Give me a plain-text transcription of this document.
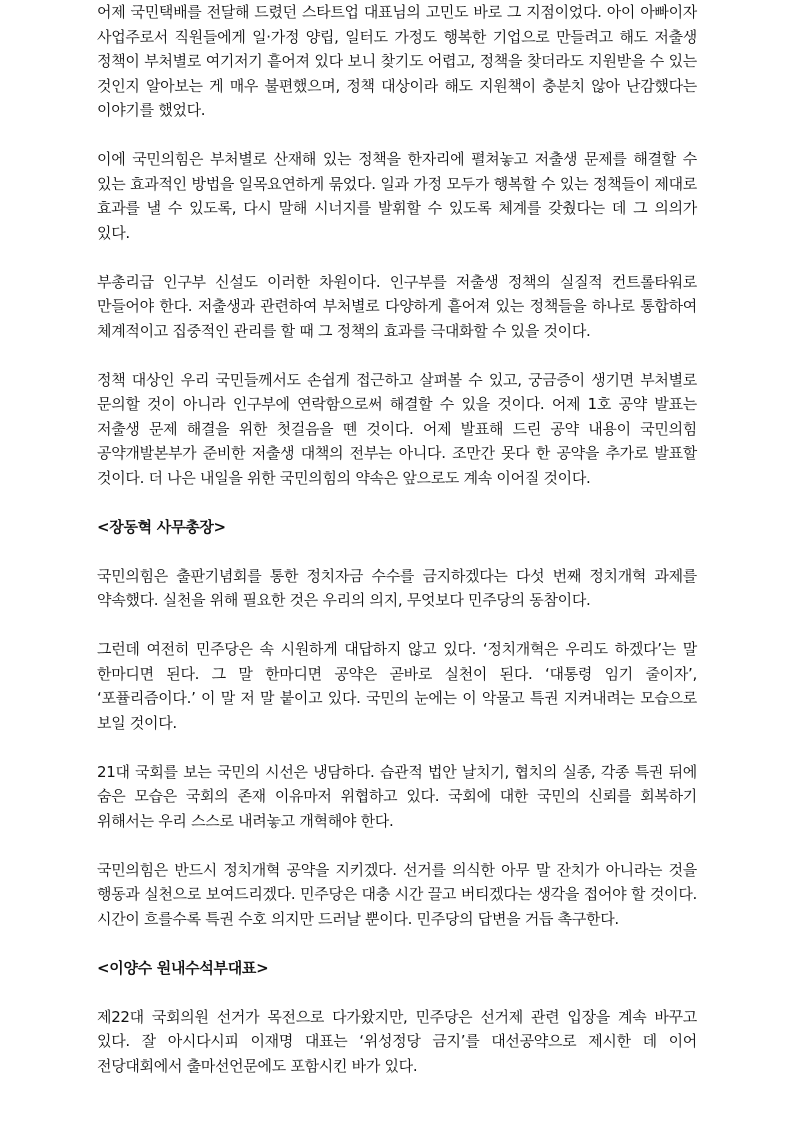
어제 국민택배를 전달해 드렸던 스타트업 대표님의 고민도 바로 그 지점이었다. 아이 아빠이자 사업주로서 직원들에게 일·가정 양립, 일터도 가정도 행복한 기업으로 만들려고 해도 저출생 정책이 부처별로 여기저기 흩어져 있다 보니 찾기도 어렵고, 정책을 찾더라도 지원받을 수 있는 것인지 알아보는 게 매우 불편했으며, 정책 대상이라 해도 지원책이 충분치 않아 난감했다는 이야기를 했었다.

이에 국민의힘은 부처별로 산재해 있는 정책을 한자리에 펼쳐놓고 저출생 문제를 해결할 수 있는 효과적인 방법을 일목요연하게 묶었다. 일과 가정 모두가 행복할 수 있는 정책들이 제대로 효과를 낼 수 있도록, 다시 말해 시너지를 발휘할 수 있도록 체계를 갖췄다는 데 그 의의가 있다.

부총리급 인구부 신설도 이러한 차원이다. 인구부를 저출생 정책의 실질적 컨트롤타워로 만들어야 한다. 저출생과 관련하여 부처별로 다양하게 흩어져 있는 정책들을 하나로 통합하여 체계적이고 집중적인 관리를 할 때 그 정책의 효과를 극대화할 수 있을 것이다.

정책 대상인 우리 국민들께서도 손쉽게 접근하고 살펴볼 수 있고, 궁금증이 생기면 부처별로 문의할 것이 아니라 인구부에 연락함으로써 해결할 수 있을 것이다. 어제 1호 공약 발표는 저출생 문제 해결을 위한 첫걸음을 뗀 것이다. 어제 발표해 드린 공약 내용이 국민의힘 공약개발본부가 준비한 저출생 대책의 전부는 아니다. 조만간 못다 한 공약을 추가로 발표할 것이다. 더 나은 내일을 위한 국민의힘의 약속은 앞으로도 계속 이어질 것이다.

<장동혁 사무총장>

국민의힘은 출판기념회를 통한 정치자금 수수를 금지하겠다는 다섯 번째 정치개혁 과제를 약속했다. 실천을 위해 필요한 것은 우리의 의지, 무엇보다 민주당의 동참이다.

그런데 여전히 민주당은 속 시원하게 대답하지 않고 있다. ‘정치개혁은 우리도 하겠다’는 말 한마디면 된다. 그 말 한마디면 공약은 곧바로 실천이 된다. ‘대통령 임기 줄이자’, ‘포퓰리즘이다.’ 이 말 저 말 붙이고 있다. 국민의 눈에는 이 악물고 특권 지켜내려는 모습으로 보일 것이다.

21대 국회를 보는 국민의 시선은 냉담하다. 습관적 법안 날치기, 협치의 실종, 각종 특권 뒤에 숨은 모습은 국회의 존재 이유마저 위협하고 있다. 국회에 대한 국민의 신뢰를 회복하기 위해서는 우리 스스로 내려놓고 개혁해야 한다.

국민의힘은 반드시 정치개혁 공약을 지키겠다. 선거를 의식한 아무 말 잔치가 아니라는 것을 행동과 실천으로 보여드리겠다. 민주당은 대충 시간 끌고 버티겠다는 생각을 접어야 할 것이다. 시간이 흐를수록 특권 수호 의지만 드러날 뿐이다. 민주당의 답변을 거듭 촉구한다.

<이양수 원내수석부대표>

제22대 국회의원 선거가 목전으로 다가왔지만, 민주당은 선거제 관련 입장을 계속 바꾸고 있다. 잘 아시다시피 이재명 대표는 ‘위성정당 금지’를 대선공약으로 제시한 데 이어 전당대회에서 출마선언문에도 포함시킨 바가 있다.
